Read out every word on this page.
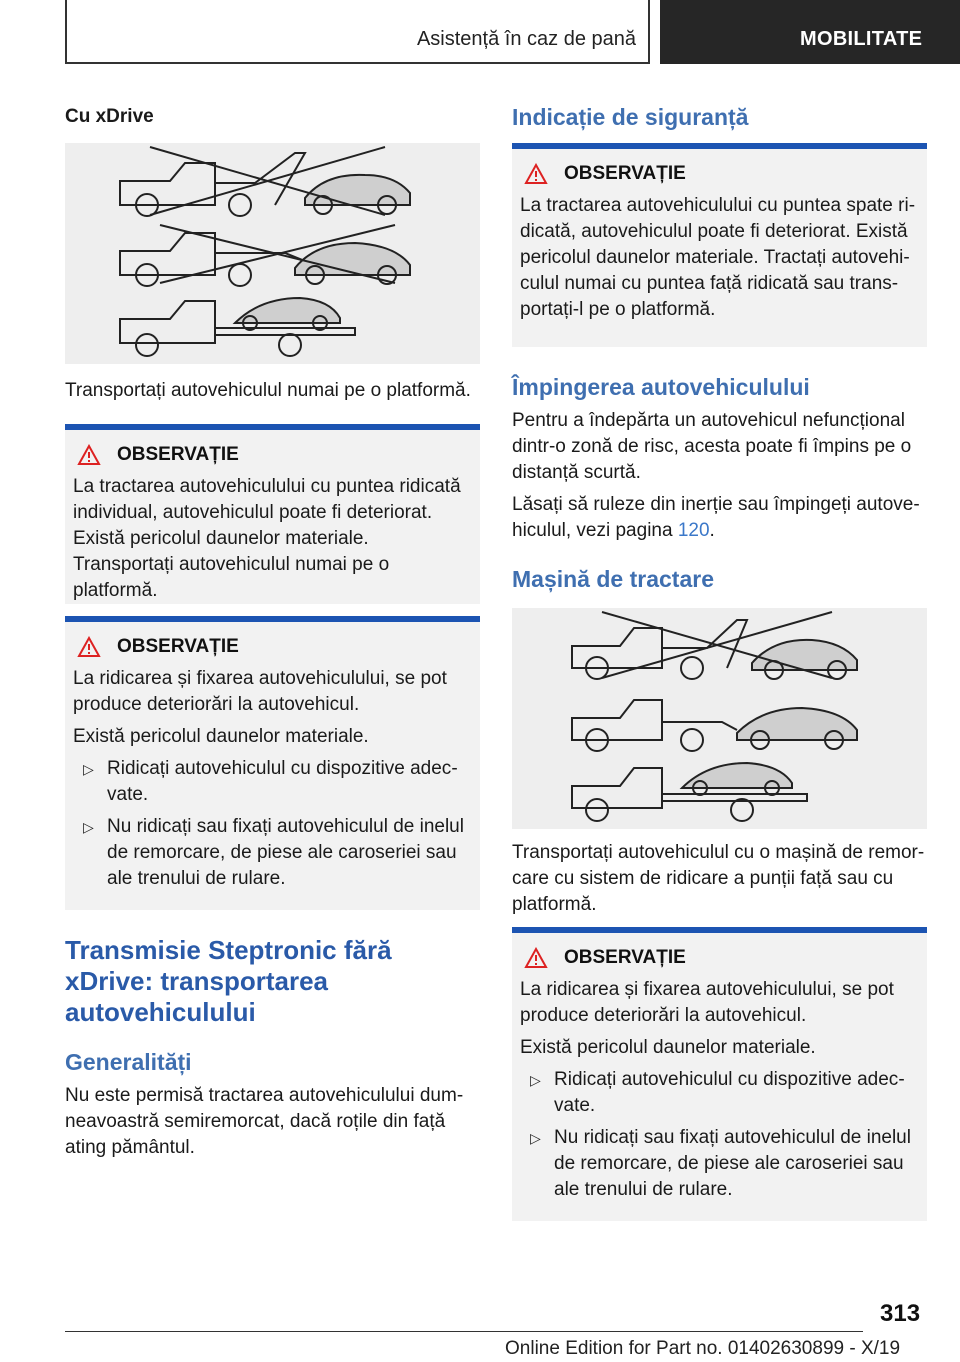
Asistență în caz de pană	MOBILITATE
Cu xDrive
Transportați autovehiculul numai pe o platformă.
OBSERVAȚIE

La tractarea autovehiculului cu puntea ridicată individual, autovehiculul poate fi deteriorat. Există pericolul daunelor materiale. Transportați autovehiculul numai pe o platformă.

OBSERVAȚIE

La ridicarea și fixarea autovehiculului, se pot produce deteriorări la autovehicul.

Există pericolul daunelor materiale.

▷ Ridicați autovehiculul cu dispozitive adecvate.
▷ Nu ridicați sau fixați autovehiculul de inelul de remorcare, de piese ale caroseriei sau ale trenului de rulare.
Transmisie Steptronic fără xDrive: transportarea autovehiculului
Generalități
Nu este permisă tractarea autovehiculului dumneavoastră semiremorcat, dacă roțile din față ating pământul.
Indicație de siguranță
OBSERVAȚIE

La tractarea autovehiculului cu puntea spate ridicată, autovehiculul poate fi deteriorat. Există pericolul daunelor materiale. Tractați autovehiculul numai cu puntea față ridicată sau transportați-l pe o platformă.

Împingerea autovehiculului
Pentru a îndepărta un autovehicul nefuncțional dintr-o zonă de risc, acesta poate fi împins pe o distanță scurtă.
Lăsați să ruleze din inerție sau împingeți autovehiculul, vezi pagina 120.
Mașină de tractare
Transportați autovehiculul cu o mașină de remorcare cu sistem de ridicare a punții față sau cu platformă.
OBSERVAȚIE

La ridicarea și fixarea autovehiculului, se pot produce deteriorări la autovehicul.

Există pericolul daunelor materiale.

▷ Ridicați autovehiculul cu dispozitive adecvate.
▷ Nu ridicați sau fixați autovehiculul de inelul de remorcare, de piese ale caroseriei sau ale trenului de rulare.
313
Online Edition for Part no. 01402630899 - X/19
